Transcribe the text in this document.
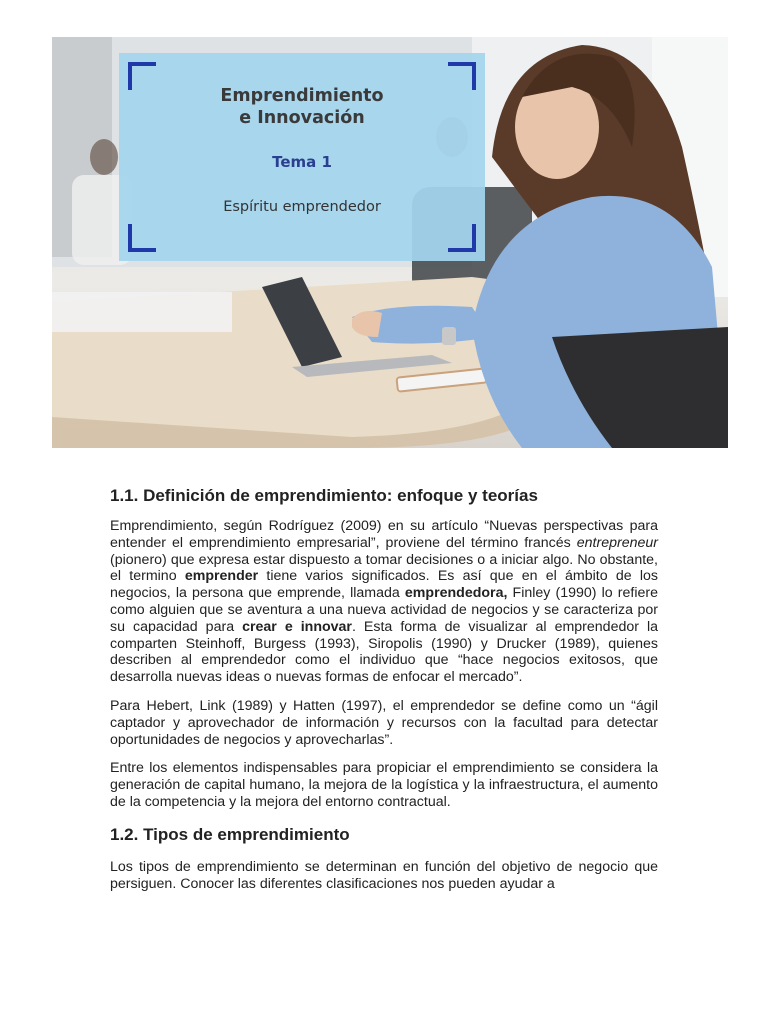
Emprendimiento
e Innovación
Tema 1
Espíritu emprendedor
1.1. Definición de emprendimiento: enfoque y teorías

Emprendimiento, según Rodríguez (2009) en su artículo “Nuevas perspectivas para entender el emprendimiento empresarial”, proviene del término francés entrepreneur (pionero) que expresa estar dispuesto a tomar decisiones o a iniciar algo. No obstante, el termino emprender tiene varios significados. Es así que en el ámbito de los negocios, la persona que emprende, llamada emprendedora, Finley (1990) lo refiere como alguien que se aventura a una nueva actividad de negocios y se caracteriza por su capacidad para crear e innovar. Esta forma de visualizar al emprendedor la comparten Steinhoff, Burgess (1993), Siropolis (1990) y Drucker (1989), quienes describen al emprendedor como el individuo que “hace negocios exitosos, que desarrolla nuevas ideas o nuevas formas de enfocar el mercado”.

Para Hebert, Link (1989) y Hatten (1997), el emprendedor se define como un “ágil captador y aprovechador de información y recursos con la facultad para detectar oportunidades de negocios y aprovecharlas”.

Entre los elementos indispensables para propiciar el emprendimiento se considera la generación de capital humano, la mejora de la logística y la infraestructura, el aumento de la competencia y la mejora del entorno contractual.

1.2. Tipos de emprendimiento

Los tipos de emprendimiento se determinan en función del objetivo de negocio que persiguen. Conocer las diferentes clasificaciones nos pueden ayudar a
